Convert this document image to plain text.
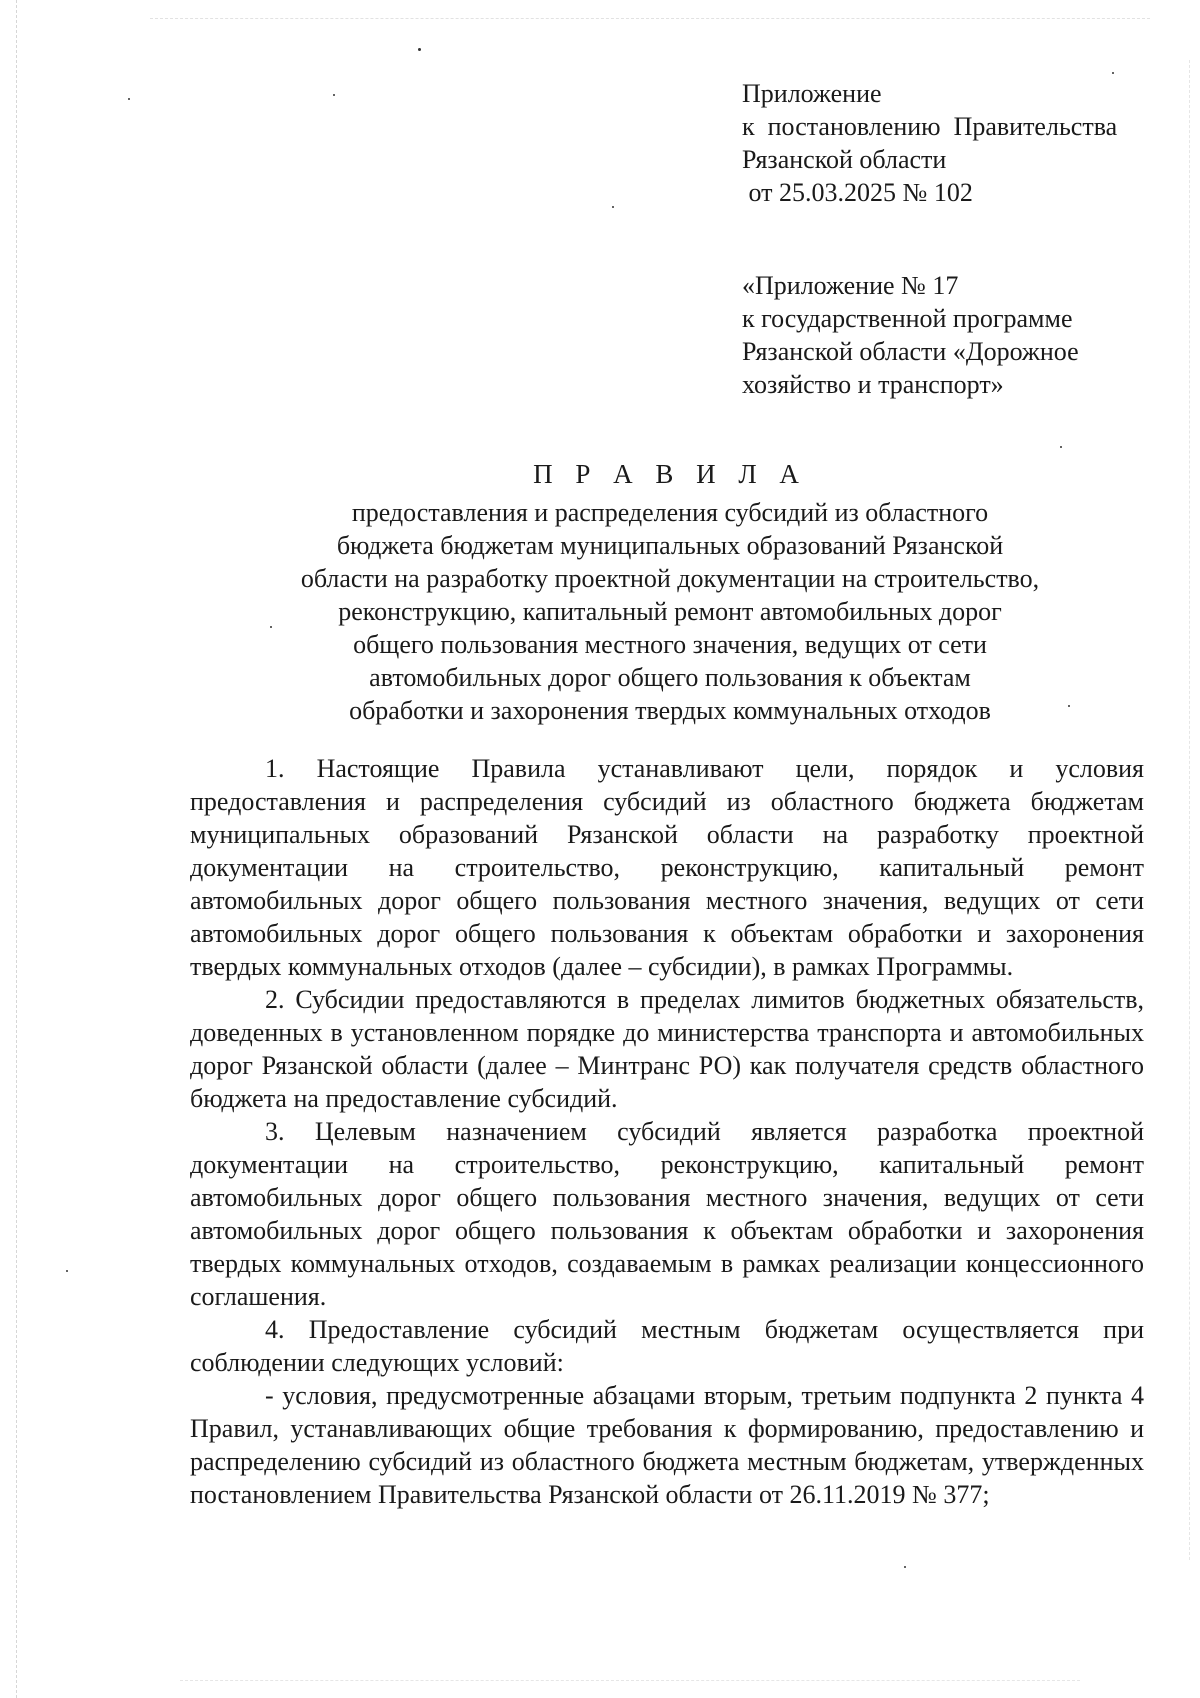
Приложение
к  постановлению  Правительства
Рязанской области
от 25.03.2025 № 102
«Приложение № 17
к государственной программе
Рязанской области «Дорожное
хозяйство и транспорт»
П Р А В И Л А
предоставления и распределения субсидий из областного
бюджета бюджетам муниципальных образований Рязанской
области на разработку проектной документации на строительство,
реконструкцию, капитальный ремонт автомобильных дорог
общего пользования местного значения, ведущих от сети
автомобильных дорог общего пользования к объектам
обработки и захоронения твердых коммунальных отходов

1. Настоящие Правила устанавливают цели, порядок и условия предоставления и распределения субсидий из областного бюджета бюджетам муниципальных образований Рязанской области на разработку проектной документации на строительство, реконструкцию, капитальный ремонт автомобильных дорог общего пользования местного значения, ведущих от сети автомобильных дорог общего пользования к объектам обработки и захоронения твердых коммунальных отходов (далее – субсидии), в рамках Программы.

2. Субсидии предоставляются в пределах лимитов бюджетных обязательств, доведенных в установленном порядке до министерства транспорта и автомобильных дорог Рязанской области (далее – Минтранс РО) как получателя средств областного бюджета на предоставление субсидий.

3. Целевым назначением субсидий является разработка проектной документации на строительство, реконструкцию, капитальный ремонт автомобильных дорог общего пользования местного значения, ведущих от сети автомобильных дорог общего пользования к объектам обработки и захоронения твердых коммунальных отходов, создаваемым в рамках реализации концессионного соглашения.

4. Предоставление субсидий местным бюджетам осуществляется при соблюдении следующих условий:

- условия, предусмотренные абзацами вторым, третьим подпункта 2 пункта 4 Правил, устанавливающих общие требования к формированию, предоставлению и распределению субсидий из областного бюджета местным бюджетам, утвержденных постановлением Правительства Рязанской области от 26.11.2019 № 377;
